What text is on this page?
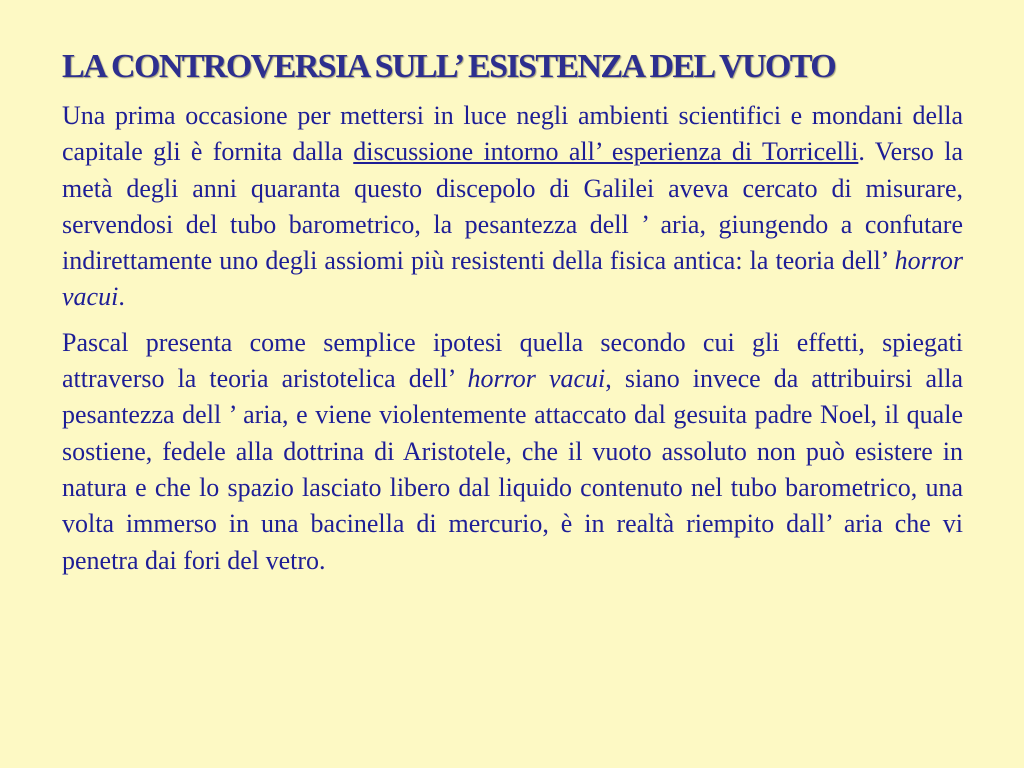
LA CONTROVERSIA SULL’ ESISTENZA DEL VUOTO

Una prima occasione per mettersi in luce negli ambienti scientifici e mondani della capitale gli è fornita dalla discussione intorno all’ esperienza di Torricelli. Verso la metà degli anni quaranta questo discepolo di Galilei aveva cercato di misurare, servendosi del tubo barometrico, la pesantezza dell ’ aria, giungendo a confutare indirettamente uno degli assiomi più resistenti della fisica antica: la teoria dell’ horror vacui.

Pascal presenta come semplice ipotesi quella secondo cui gli effetti, spiegati attraverso la teoria aristotelica dell’ horror vacui, siano invece da attribuirsi alla pesantezza dell ’ aria, e viene violentemente attaccato dal gesuita padre Noel, il quale sostiene, fedele alla dottrina di Aristotele, che il vuoto assoluto non può esistere in natura e che lo spazio lasciato libero dal liquido contenuto nel tubo barometrico, una volta immerso in una bacinella di mercurio, è in realtà riempito dall’ aria che vi penetra dai fori del vetro.
